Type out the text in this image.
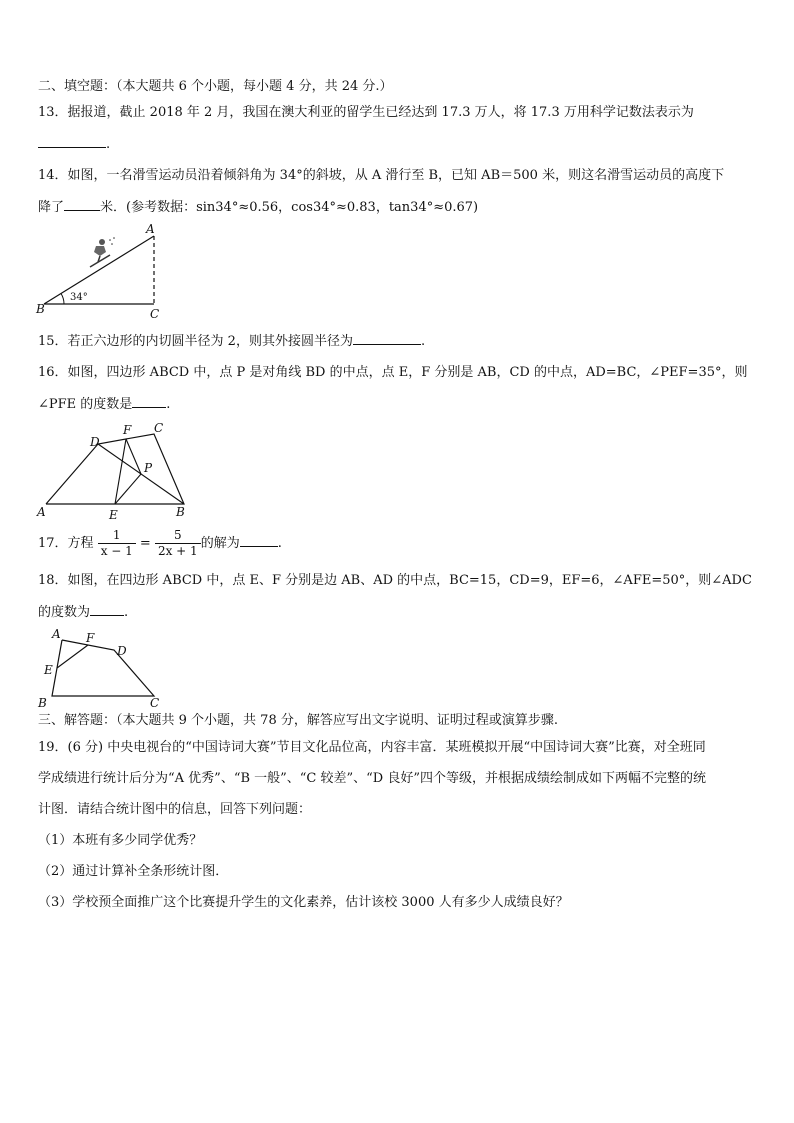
二、填空题：（本大题共 6 个小题，每小题 4 分，共 24 分.）
13．据报道，截止 2018 年 2 月，我国在澳大利亚的留学生已经达到 17.3 万人，将 17.3 万用科学记数法表示为
.
14．如图，一名滑雪运动员沿着倾斜角为 34°的斜坡，从 A 滑行至 B，已知 AB＝500 米，则这名滑雪运动员的高度下
降了	米．(参考数据：sin34°≈0.56，cos34°≈0.83，tan34°≈0.67)
A
B	C
34°
15．若正六边形的内切圆半径为 2，则其外接圆半径为	.
16．如图，四边形 ABCD 中，点 P 是对角线 BD 的中点，点 E，F 分别是 AB，CD 的中点，AD=BC，∠PEF=35°，则
∠PFE 的度数是	.
A	B
C
D
E
F
P
17．方程 $\frac{1}{x - 1} = \frac{5}{2x + 1}$ 的解为	.
18．如图，在四边形 ABCD 中，点 E、F 分别是边 AB、AD 的中点，BC=15，CD=9，EF=6，∠AFE=50°，则∠ADC
的度数为	.
A
B	C
D
E
F
三、解答题：（本大题共 9 个小题，共 78 分，解答应写出文字说明、证明过程或演算步骤.
19．(6 分) 中央电视台的“中国诗词大赛”节目文化品位高，内容丰富．某班模拟开展“中国诗词大赛”比赛，对全班同
学成绩进行统计后分为“A 优秀”、“B 一般”、“C 较差”、“D 良好”四个等级，并根据成绩绘制成如下两幅不完整的统
计图．请结合统计图中的信息，回答下列问题：
（1）本班有多少同学优秀？
（2）通过计算补全条形统计图．
（3）学校预全面推广这个比赛提升学生的文化素养，估计该校 3000 人有多少人成绩良好？
